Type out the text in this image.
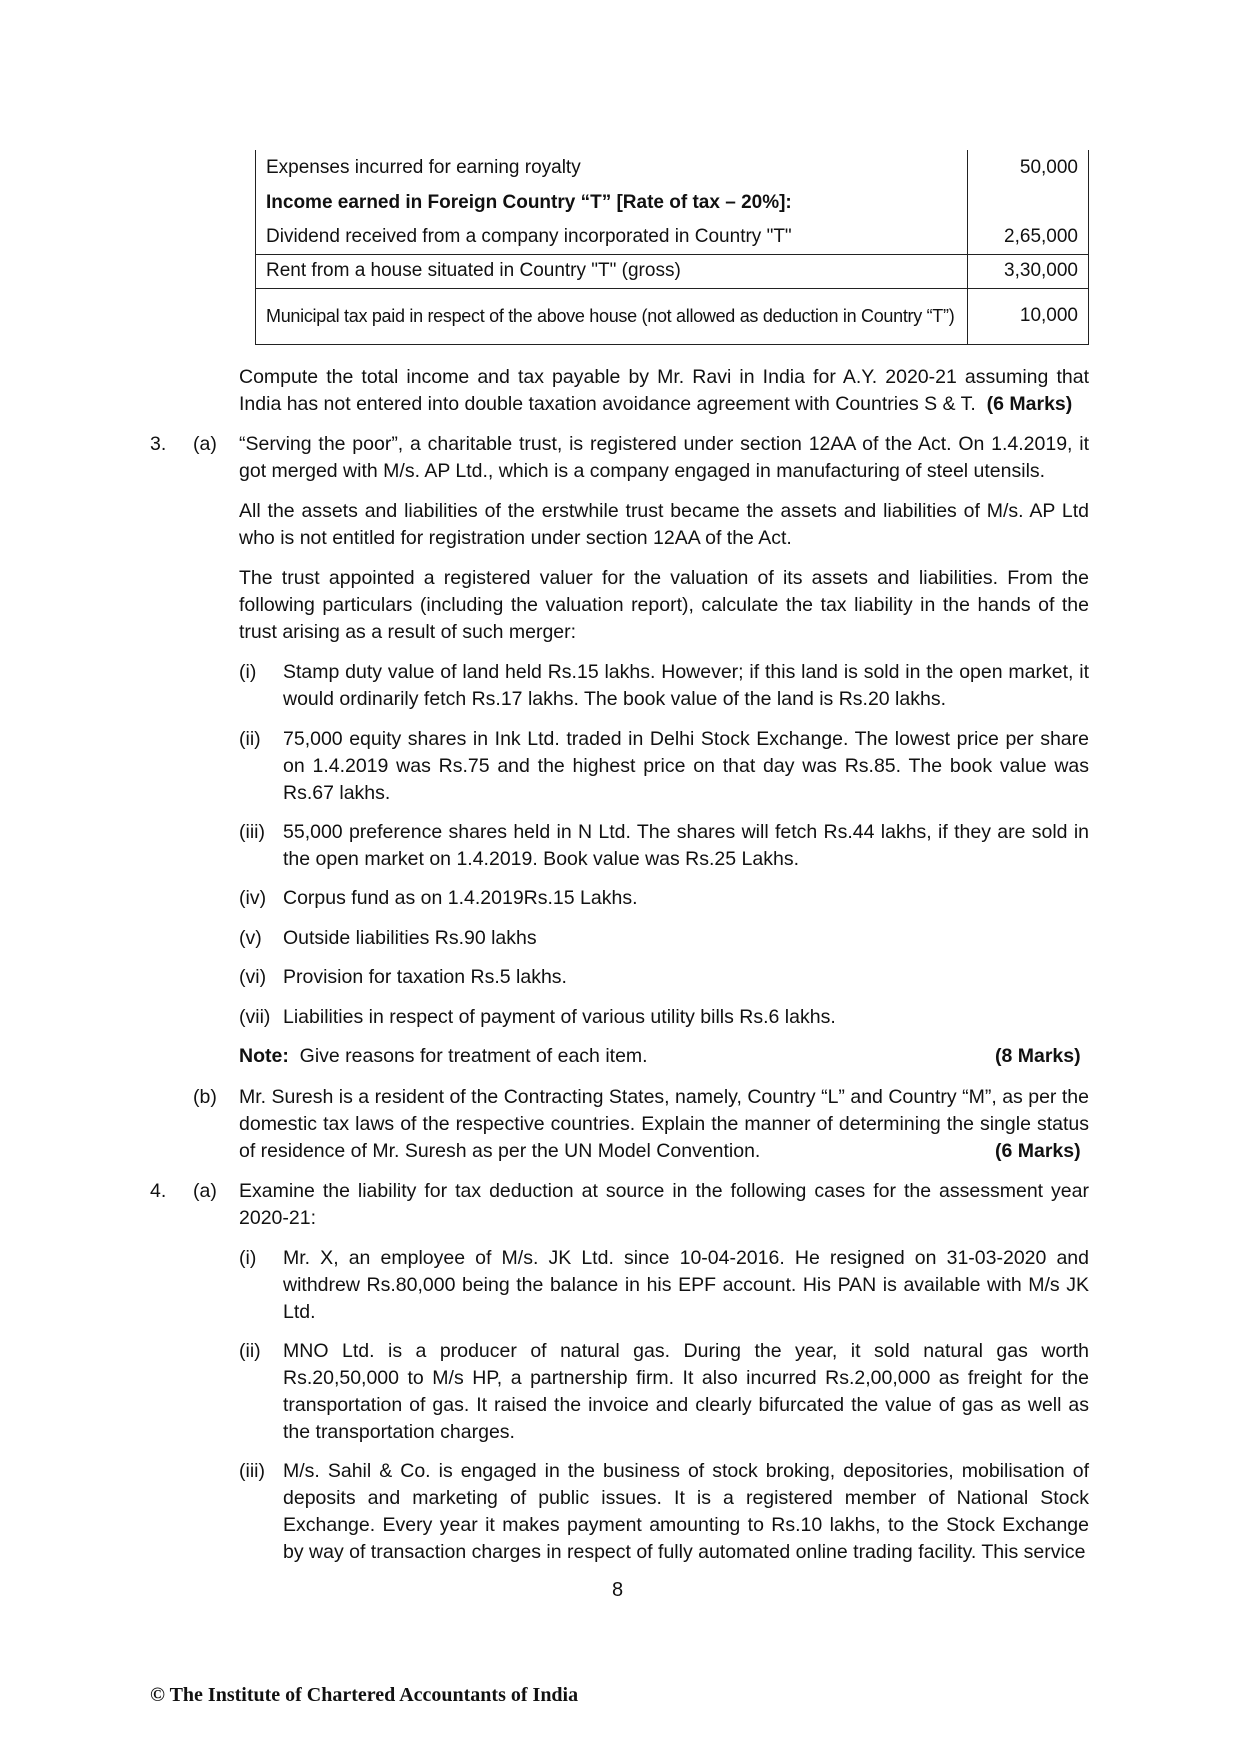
Expenses incurred for earning royalty	50,000
Income earned in Foreign Country “T” [Rate of tax – 20%]:	
Dividend received from a company incorporated in Country "T"	2,65,000
Rent from a house situated in Country "T" (gross)	3,30,000
Municipal tax paid in respect of the above house (not allowed as deduction in Country “T”)	10,000
Compute the total income and tax payable by Mr. Ravi in India for A.Y. 2020-21 assuming that India has not entered into double taxation avoidance agreement with Countries S & T. (6 Marks)
3. (a) “Serving the poor”, a charitable trust, is registered under section 12AA of the Act. On 1.4.2019, it got merged with M/s. AP Ltd., which is a company engaged in manufacturing of steel utensils.
All the assets and liabilities of the erstwhile trust became the assets and liabilities of M/s. AP Ltd who is not entitled for registration under section 12AA of the Act.
The trust appointed a registered valuer for the valuation of its assets and liabilities. From the following particulars (including the valuation report), calculate the tax liability in the hands of the trust arising as a result of such merger:
(i) Stamp duty value of land held Rs.15 lakhs. However; if this land is sold in the open market, it would ordinarily fetch Rs.17 lakhs. The book value of the land is Rs.20 lakhs.
(ii) 75,000 equity shares in Ink Ltd. traded in Delhi Stock Exchange. The lowest price per share on 1.4.2019 was Rs.75 and the highest price on that day was Rs.85. The book value was Rs.67 lakhs.
(iii) 55,000 preference shares held in N Ltd. The shares will fetch Rs.44 lakhs, if they are sold in the open market on 1.4.2019. Book value was Rs.25 Lakhs.
(iv) Corpus fund as on 1.4.2019Rs.15 Lakhs.
(v) Outside liabilities Rs.90 lakhs
(vi) Provision for taxation Rs.5 lakhs.
(vii) Liabilities in respect of payment of various utility bills Rs.6 lakhs.
Note: Give reasons for treatment of each item.	(8 Marks)
(b) Mr. Suresh is a resident of the Contracting States, namely, Country “L” and Country “M”, as per the domestic tax laws of the respective countries. Explain the manner of determining the single status of residence of Mr. Suresh as per the UN Model Convention.	(6 Marks)
4. (a) Examine the liability for tax deduction at source in the following cases for the assessment year 2020-21:
(i) Mr. X, an employee of M/s. JK Ltd. since 10-04-2016. He resigned on 31-03-2020 and withdrew Rs.80,000 being the balance in his EPF account. His PAN is available with M/s JK Ltd.
(ii) MNO Ltd. is a producer of natural gas. During the year, it sold natural gas worth Rs.20,50,000 to M/s HP, a partnership firm. It also incurred Rs.2,00,000 as freight for the transportation of gas. It raised the invoice and clearly bifurcated the value of gas as well as the transportation charges.
(iii) M/s. Sahil & Co. is engaged in the business of stock broking, depositories, mobilisation of deposits and marketing of public issues. It is a registered member of National Stock Exchange. Every year it makes payment amounting to Rs.10 lakhs, to the Stock Exchange by way of transaction charges in respect of fully automated online trading facility. This service
8
© The Institute of Chartered Accountants of India
